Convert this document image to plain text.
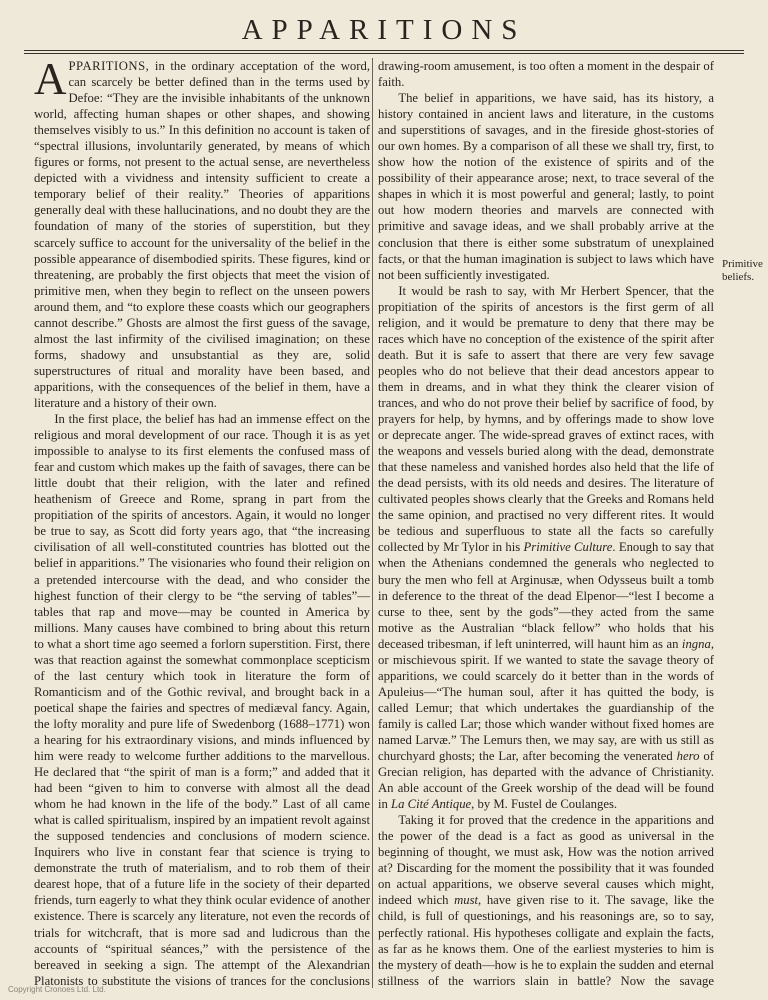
APPARITIONS

APPARITIONS, in the ordinary acceptation of the word, can scarcely be better defined than in the terms used by Defoe: “They are the invisible inhabitants of the unknown world, affecting human shapes or other shapes, and showing themselves visibly to us.” In this definition no account is taken of “spectral illusions, involuntarily generated, by means of which figures or forms, not present to the actual sense, are nevertheless depicted with a vividness and intensity sufficient to create a temporary belief of their reality.” Theories of apparitions generally deal with these hallucinations, and no doubt they are the foundation of many of the stories of superstition, but they scarcely suffice to account for the universality of the belief in the possible appearance of disembodied spirits. These figures, kind or threatening, are probably the first objects that meet the vision of primitive men, when they begin to reflect on the unseen powers around them, and “to explore these coasts which our geographers cannot describe.” Ghosts are almost the first guess of the savage, almost the last infirmity of the civilised imagination; on these forms, shadowy and unsubstantial as they are, solid superstructures of ritual and morality have been based, and apparitions, with the consequences of the belief in them, have a literature and a history of their own.

In the first place, the belief has had an immense effect on the religious and moral development of our race. Though it is as yet impossible to analyse to its first elements the confused mass of fear and custom which makes up the faith of savages, there can be little doubt that their religion, with the later and refined heathenism of Greece and Rome, sprang in part from the propitiation of the spirits of ancestors. Again, it would no longer be true to say, as Scott did forty years ago, that “the increasing civilisation of all well-constituted countries has blotted out the belief in apparitions.” The visionaries who found their religion on a pretended intercourse with the dead, and who consider the highest function of their clergy to be “the serving of tables”—tables that rap and move—may be counted in America by millions. Many causes have combined to bring about this return to what a short time ago seemed a forlorn superstition. First, there was that reaction against the somewhat commonplace scepticism of the last century which took in literature the form of Romanticism and of the Gothic revival, and brought back in a poetical shape the fairies and spectres of mediæval fancy. Again, the lofty morality and pure life of Swedenborg (1688–1771) won a hearing for his extraordinary visions, and minds influenced by him were ready to welcome further additions to the marvellous. He declared that “the spirit of man is a form;” and added that it had been “given to him to converse with almost all the dead whom he had known in the life of the body.” Last of all came what is called spiritualism, inspired by an impatient revolt against the supposed tendencies and conclusions of modern science. Inquirers who live in constant fear that science is trying to demonstrate the truth of materialism, and to rob them of their dearest hope, that of a future life in the society of their departed friends, turn eagerly to what they think ocular evidence of another existence. There is scarcely any literature, not even the records of trials for witchcraft, that is more sad and ludicrous than the accounts of “spiritual séances,” with the persistence of the bereaved in seeking a sign. The attempt of the Alexandrian Platonists to substitute the visions of trances for the conclusions

drawing-room amusement, is too often a moment in the despair of faith.

The belief in apparitions, we have said, has its history, a history contained in ancient laws and literature, in the customs and superstitions of savages, and in the fireside ghost-stories of our own homes. By a comparison of all these we shall try, first, to show how the notion of the existence of spirits and of the possibility of their appearance arose; next, to trace several of the shapes in which it is most powerful and general; lastly, to point out how modern theories and marvels are connected with primitive and savage ideas, and we shall probably arrive at the conclusion that there is either some substratum of unexplained facts, or that the human imagination is subject to laws which have not been sufficiently investigated.

It would be rash to say, with Mr Herbert Spencer, that the propitiation of the spirits of ancestors is the first germ of all religion, and it would be premature to deny that there may be races which have no conception of the existence of the spirit after death. But it is safe to assert that there are very few savage peoples who do not believe that their dead ancestors appear to them in dreams, and in what they think the clearer vision of trances, and who do not prove their belief by sacrifice of food, by prayers for help, by hymns, and by offerings made to show love or deprecate anger. The wide-spread graves of extinct races, with the weapons and vessels buried along with the dead, demonstrate that these nameless and vanished hordes also held that the life of the dead persists, with its old needs and desires. The literature of cultivated peoples shows clearly that the Greeks and Romans held the same opinion, and practised no very different rites. It would be tedious and superfluous to state all the facts so carefully collected by Mr Tylor in his Primitive Culture. Enough to say that when the Athenians condemned the generals who neglected to bury the men who fell at Arginusæ, when Odysseus built a tomb in deference to the threat of the dead Elpenor—“lest I become a curse to thee, sent by the gods”—they acted from the same motive as the Australian “black fellow” who holds that his deceased tribesman, if left uninterred, will haunt him as an ingna, or mischievous spirit. If we wanted to state the savage theory of apparitions, we could scarcely do it better than in the words of Apuleius—“The human soul, after it has quitted the body, is called Lemur; that which undertakes the guardianship of the family is called Lar; those which wander without fixed homes are named Larvæ.” The Lemurs then, we may say, are with us still as churchyard ghosts; the Lar, after becoming the venerated hero of Grecian religion, has departed with the advance of Christianity. An able account of the Greek worship of the dead will be found in La Cité Antique, by M. Fustel de Coulanges.

Taking it for proved that the credence in the apparitions and the power of the dead is a fact as good as universal in the beginning of thought, we must ask, How was the notion arrived at? Discarding for the moment the possibility that it was founded on actual apparitions, we observe several causes which might, indeed which must, have given rise to it. The savage, like the child, is full of questionings, and his reasonings are, so to say, perfectly rational. His hypotheses colligate and explain the facts, as far as he knows them. One of the earliest mysteries to him is the mystery of death—how is he to explain the sudden and eternal stillness of the warriors slain in battle? Now the savage

Primitive beliefs.
Copyright Cronoes Ltd. Ltd.
